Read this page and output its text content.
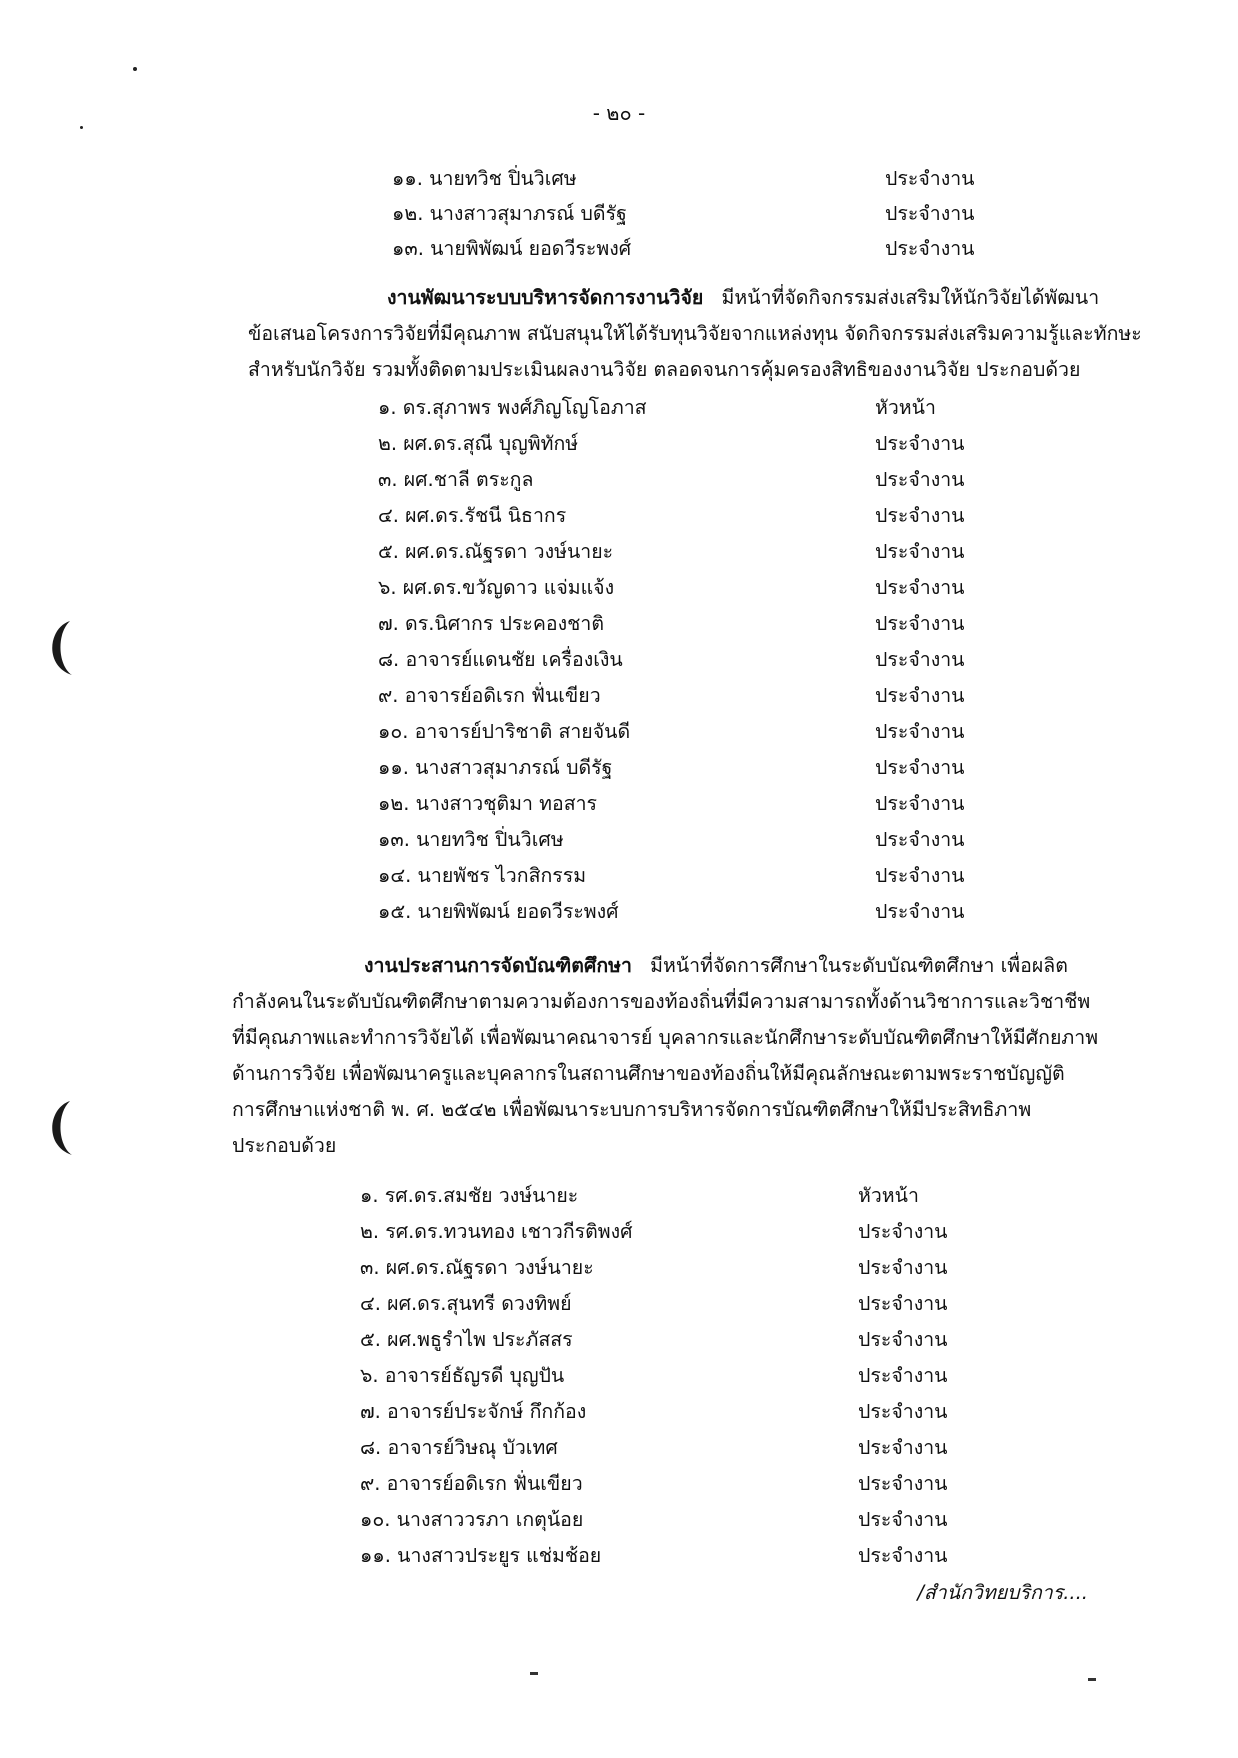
- ๒๐ -
๑๑. นายทวิช ปิ่นวิเศษ	ประจำงาน
๑๒. นางสาวสุมาภรณ์ บดีรัฐ	ประจำงาน
๑๓. นายพิพัฒน์ ยอดวีระพงศ์	ประจำงาน
งานพัฒนาระบบบริหารจัดการงานวิจัย มีหน้าที่จัดกิจกรรมส่งเสริมให้นักวิจัยได้พัฒนา
ข้อเสนอโครงการวิจัยที่มีคุณภาพ สนับสนุนให้ได้รับทุนวิจัยจากแหล่งทุน จัดกิจกรรมส่งเสริมความรู้และทักษะ
สำหรับนักวิจัย รวมทั้งติดตามประเมินผลงานวิจัย ตลอดจนการคุ้มครองสิทธิของงานวิจัย ประกอบด้วย
๑. ดร.สุภาพร พงศ์ภิญโญโอภาส	หัวหน้า
๒. ผศ.ดร.สุณี บุญพิทักษ์	ประจำงาน
๓. ผศ.ชาลี ตระกูล	ประจำงาน
๔. ผศ.ดร.รัชนี นิธากร	ประจำงาน
๕. ผศ.ดร.ณัฐรดา วงษ์นายะ	ประจำงาน
๖. ผศ.ดร.ขวัญดาว แจ่มแจ้ง	ประจำงาน
๗. ดร.นิศากร ประคองชาติ	ประจำงาน
๘. อาจารย์แดนชัย เครื่องเงิน	ประจำงาน
๙. อาจารย์อดิเรก ฟั่นเขียว	ประจำงาน
๑๐. อาจารย์ปาริชาติ สายจันดี	ประจำงาน
๑๑. นางสาวสุมาภรณ์ บดีรัฐ	ประจำงาน
๑๒. นางสาวชุติมา ทอสาร	ประจำงาน
๑๓. นายทวิช ปิ่นวิเศษ	ประจำงาน
๑๔. นายพัชร ไวกสิกรรม	ประจำงาน
๑๕. นายพิพัฒน์ ยอดวีระพงศ์	ประจำงาน
งานประสานการจัดบัณฑิตศึกษา มีหน้าที่จัดการศึกษาในระดับบัณฑิตศึกษา เพื่อผลิต
กำลังคนในระดับบัณฑิตศึกษาตามความต้องการของท้องถิ่นที่มีความสามารถทั้งด้านวิชาการและวิชาชีพ
ที่มีคุณภาพและทำการวิจัยได้ เพื่อพัฒนาคณาจารย์ บุคลากรและนักศึกษาระดับบัณฑิตศึกษาให้มีศักยภาพ
ด้านการวิจัย เพื่อพัฒนาครูและบุคลากรในสถานศึกษาของท้องถิ่นให้มีคุณลักษณะตามพระราชบัญญัติ
การศึกษาแห่งชาติ พ. ศ. ๒๕๔๒ เพื่อพัฒนาระบบการบริหารจัดการบัณฑิตศึกษาให้มีประสิทธิภาพ
ประกอบด้วย
๑. รศ.ดร.สมชัย วงษ์นายะ	หัวหน้า
๒. รศ.ดร.ทวนทอง เชาวกีรติพงศ์	ประจำงาน
๓. ผศ.ดร.ณัฐรดา วงษ์นายะ	ประจำงาน
๔. ผศ.ดร.สุนทรี ดวงทิพย์	ประจำงาน
๕. ผศ.พธูรำไพ ประภัสสร	ประจำงาน
๖. อาจารย์ธัญรดี บุญปัน	ประจำงาน
๗. อาจารย์ประจักษ์ กึกก้อง	ประจำงาน
๘. อาจารย์วิษณุ บัวเทศ	ประจำงาน
๙. อาจารย์อดิเรก ฟั่นเขียว	ประจำงาน
๑๐. นางสาววรภา เกตุน้อย	ประจำงาน
๑๑. นางสาวประยูร แช่มช้อย	ประจำงาน
/สำนักวิทยบริการ....
